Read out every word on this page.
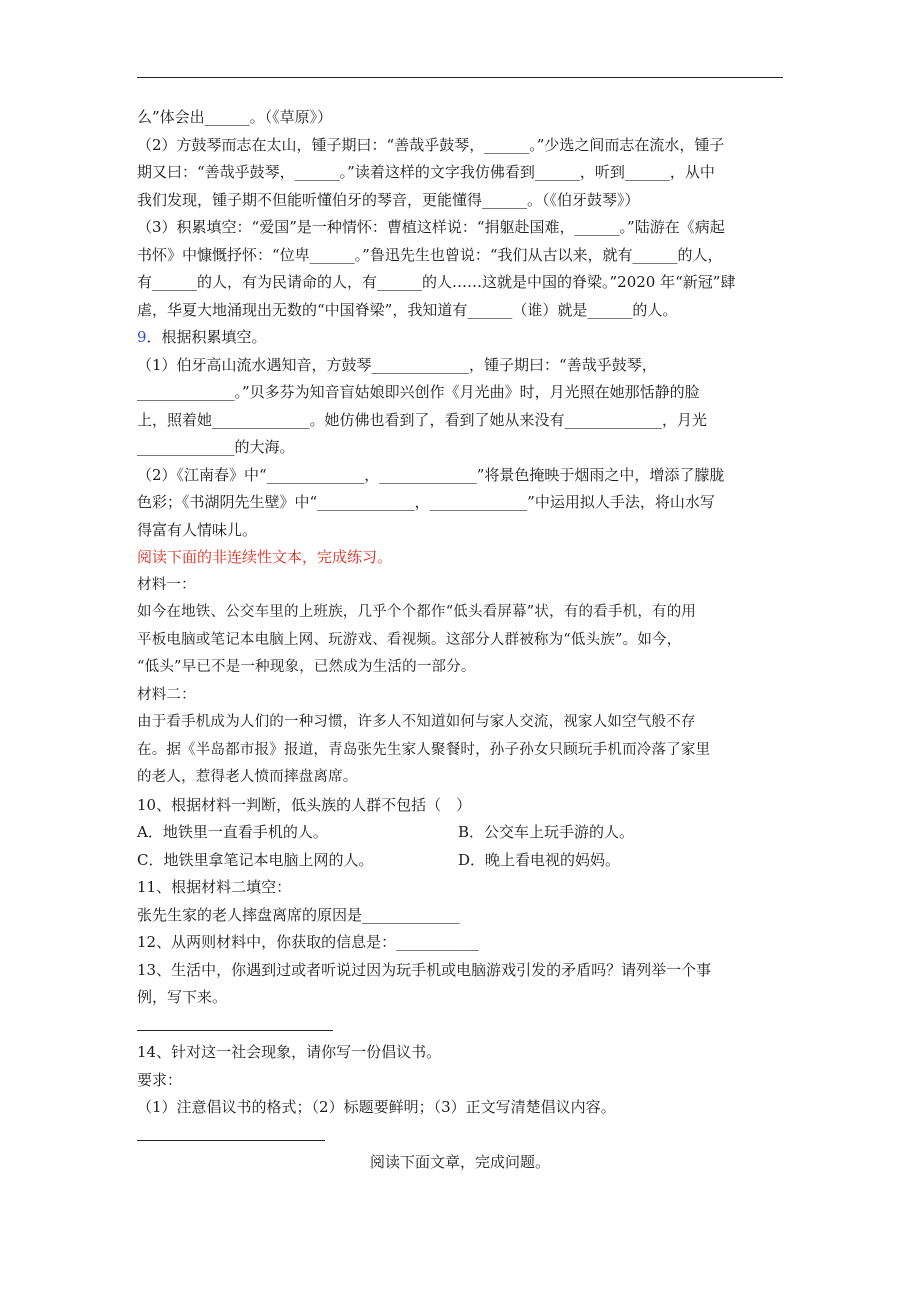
么”体会出______。（《草原》）
（2）方鼓琴而志在太山，锺子期曰：“善哉乎鼓琴，______。”少选之间而志在流水，锺子
期又曰：“善哉乎鼓琴，______。”读着这样的文字我仿佛看到______，听到______，从中
我们发现，锺子期不但能听懂伯牙的琴音，更能懂得______。（《伯牙鼓琴》）
（3）积累填空：“爱国”是一种情怀：曹植这样说：“捐躯赴国难，______。”陆游在《病起
书怀》中慷慨抒怀：“位卑______。”鲁迅先生也曾说：“我们从古以来，就有______的人，
有______的人，有为民请命的人，有______的人……这就是中国的脊梁。”2020 年“新冠”肆
虐，华夏大地涌现出无数的“中国脊梁”，我知道有______（谁）就是______的人。
9．根据积累填空。
（1）伯牙高山流水遇知音，方鼓琴_____________，锺子期曰：“善哉乎鼓琴，
_____________。”贝多芬为知音盲姑娘即兴创作《月光曲》时，月光照在她那恬静的脸
上，照着她_____________。她仿佛也看到了，看到了她从来没有_____________，月光
_____________的大海。
（2）《江南春》中“_____________，_____________”将景色掩映于烟雨之中，增添了朦胧
色彩；《书湖阴先生壁》中“_____________，_____________”中运用拟人手法，将山水写
得富有人情味儿。
阅读下面的非连续性文本，完成练习。
材料一：
如今在地铁、公交车里的上班族，几乎个个都作“低头看屏幕”状，有的看手机，有的用
平板电脑或笔记本电脑上网、玩游戏、看视频。这部分人群被称为“低头族”。如今，
“低头”早已不是一种现象，已然成为生活的一部分。
材料二：
由于看手机成为人们的一种习惯，许多人不知道如何与家人交流，视家人如空气般不存
在。据《半岛都市报》报道，青岛张先生家人聚餐时，孙子孙女只顾玩手机而冷落了家里
的老人，惹得老人愤而摔盘离席。
10、根据材料一判断，低头族的人群不包括（　）
A．地铁里一直看手机的人。	B．公交车上玩手游的人。
C．地铁里拿笔记本电脑上网的人。	D．晚上看电视的妈妈。
11、根据材料二填空：
张先生家的老人摔盘离席的原因是_____________
12、从两则材料中，你获取的信息是：___________
13、生活中，你遇到过或者听说过因为玩手机或电脑游戏引发的矛盾吗？请列举一个事
例，写下来。
14、针对这一社会现象，请你写一份倡议书。
要求：
（1）注意倡议书的格式；（2）标题要鲜明；（3）正文写清楚倡议内容。
阅读下面文章，完成问题。
